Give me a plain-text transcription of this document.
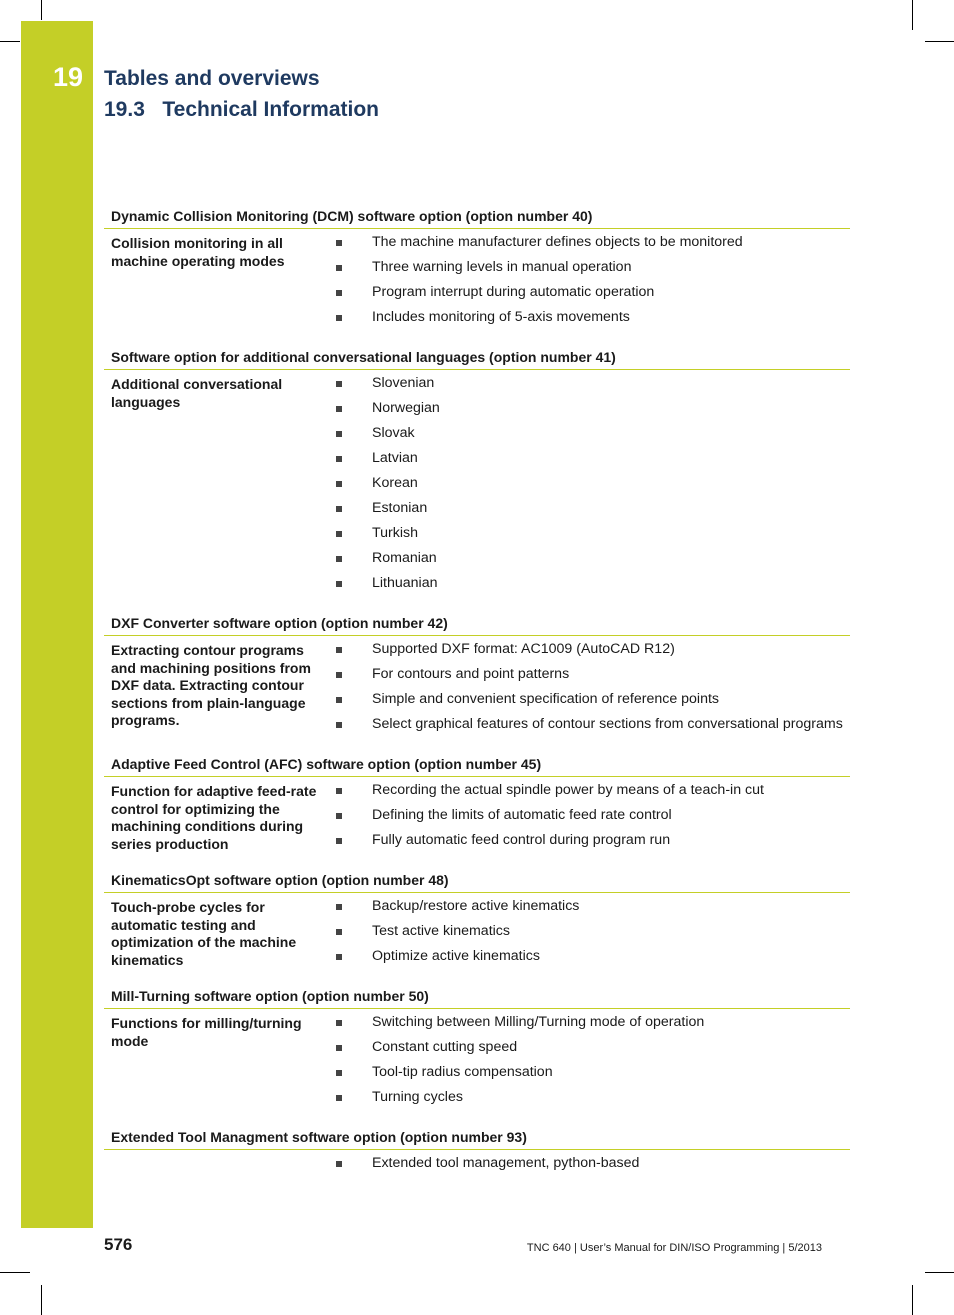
19 Tables and overviews
19.3   Technical Information
Dynamic Collision Monitoring (DCM) software option (option number 40)
Collision monitoring in all machine operating modes
The machine manufacturer defines objects to be monitored
Three warning levels in manual operation
Program interrupt during automatic operation
Includes monitoring of 5-axis movements
Software option for additional conversational languages (option number 41)
Additional conversational languages
Slovenian
Norwegian
Slovak
Latvian
Korean
Estonian
Turkish
Romanian
Lithuanian
DXF Converter software option (option number 42)
Extracting contour programs and machining positions from DXF data. Extracting contour sections from plain-language programs.
Supported DXF format: AC1009 (AutoCAD R12)
For contours and point patterns
Simple and convenient specification of reference points
Select graphical features of contour sections from conversational programs
Adaptive Feed Control (AFC) software option (option number 45)
Function for adaptive feed-rate control for optimizing the machining conditions during series production
Recording the actual spindle power by means of a teach-in cut
Defining the limits of automatic feed rate control
Fully automatic feed control during program run
KinematicsOpt software option (option number 48)
Touch-probe cycles for automatic testing and optimization of the machine kinematics
Backup/restore active kinematics
Test active kinematics
Optimize active kinematics
Mill-Turning software option (option number 50)
Functions for milling/turning mode
Switching between Milling/Turning mode of operation
Constant cutting speed
Tool-tip radius compensation
Turning cycles
Extended Tool Managment software option (option number 93)
Extended tool management, python-based
576	TNC 640 | User’s Manual for DIN/ISO Programming | 5/2013
